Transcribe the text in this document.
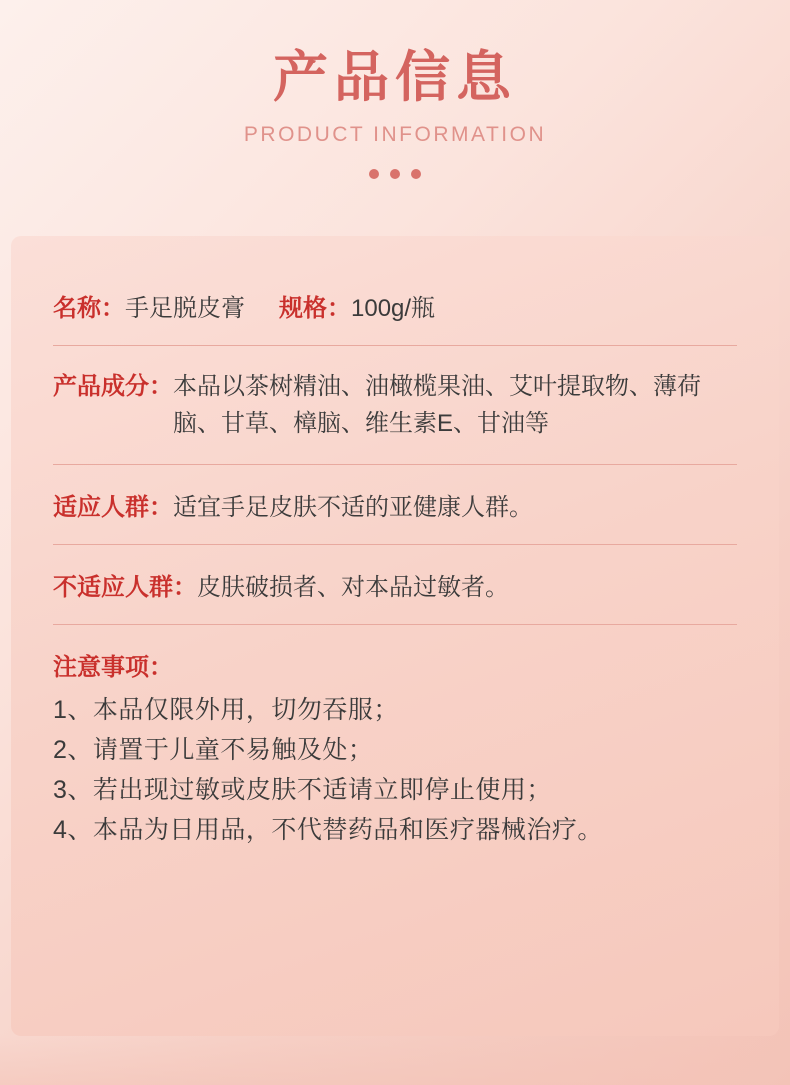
产品信息
PRODUCT INFORMATION
名称： 手足脱皮膏 规格： 100g/瓶
产品成分： 本品以茶树精油、油橄榄果油、艾叶提取物、薄荷脑、甘草、樟脑、维生素E、甘油等
适应人群： 适宜手足皮肤不适的亚健康人群。
不适应人群： 皮肤破损者、对本品过敏者。
注意事项：
1、本品仅限外用，切勿吞服；
2、请置于儿童不易触及处；
3、若出现过敏或皮肤不适请立即停止使用；
4、本品为日用品，不代替药品和医疗器械治疗。
